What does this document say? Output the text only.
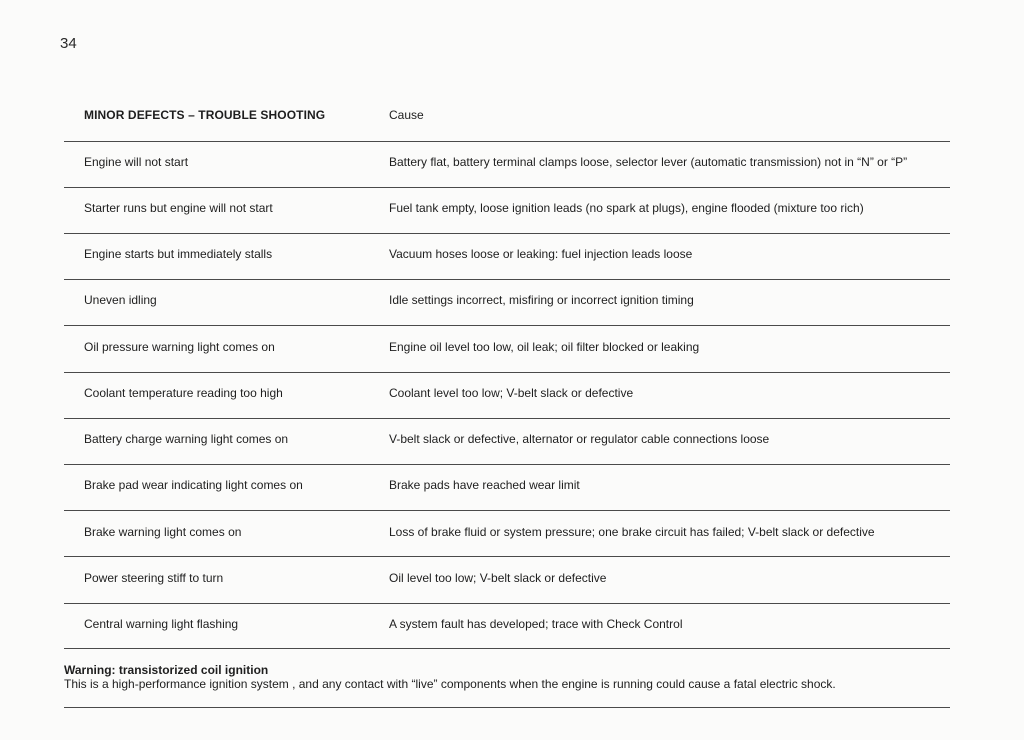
34
MINOR DEFECTS – TROUBLE SHOOTING	Cause
Engine will not start	Battery flat, battery terminal clamps loose, selector lever (automatic transmission) not in “N” or “P”
Starter runs but engine will not start	Fuel tank empty, loose ignition leads (no spark at plugs), engine flooded (mixture too rich)
Engine starts but immediately stalls	Vacuum hoses loose or leaking: fuel injection leads loose
Uneven idling	Idle settings incorrect, misfiring or incorrect ignition timing
Oil pressure warning light comes on	Engine oil level too low, oil leak; oil filter blocked or leaking
Coolant temperature reading too high	Coolant level too low; V-belt slack or defective
Battery charge warning light comes on	V-belt slack or defective, alternator or regulator cable connections loose
Brake pad wear indicating light comes on	Brake pads have reached wear limit
Brake warning light comes on	Loss of brake fluid or system pressure; one brake circuit has failed; V-belt slack or defective
Power steering stiff to turn	Oil level too low; V-belt slack or defective
Central warning light flashing	A system fault has developed; trace with Check Control
Warning: transistorized coil ignition
This is a high-performance ignition system , and any contact with “live” components when the engine is running could cause a fatal electric shock.
